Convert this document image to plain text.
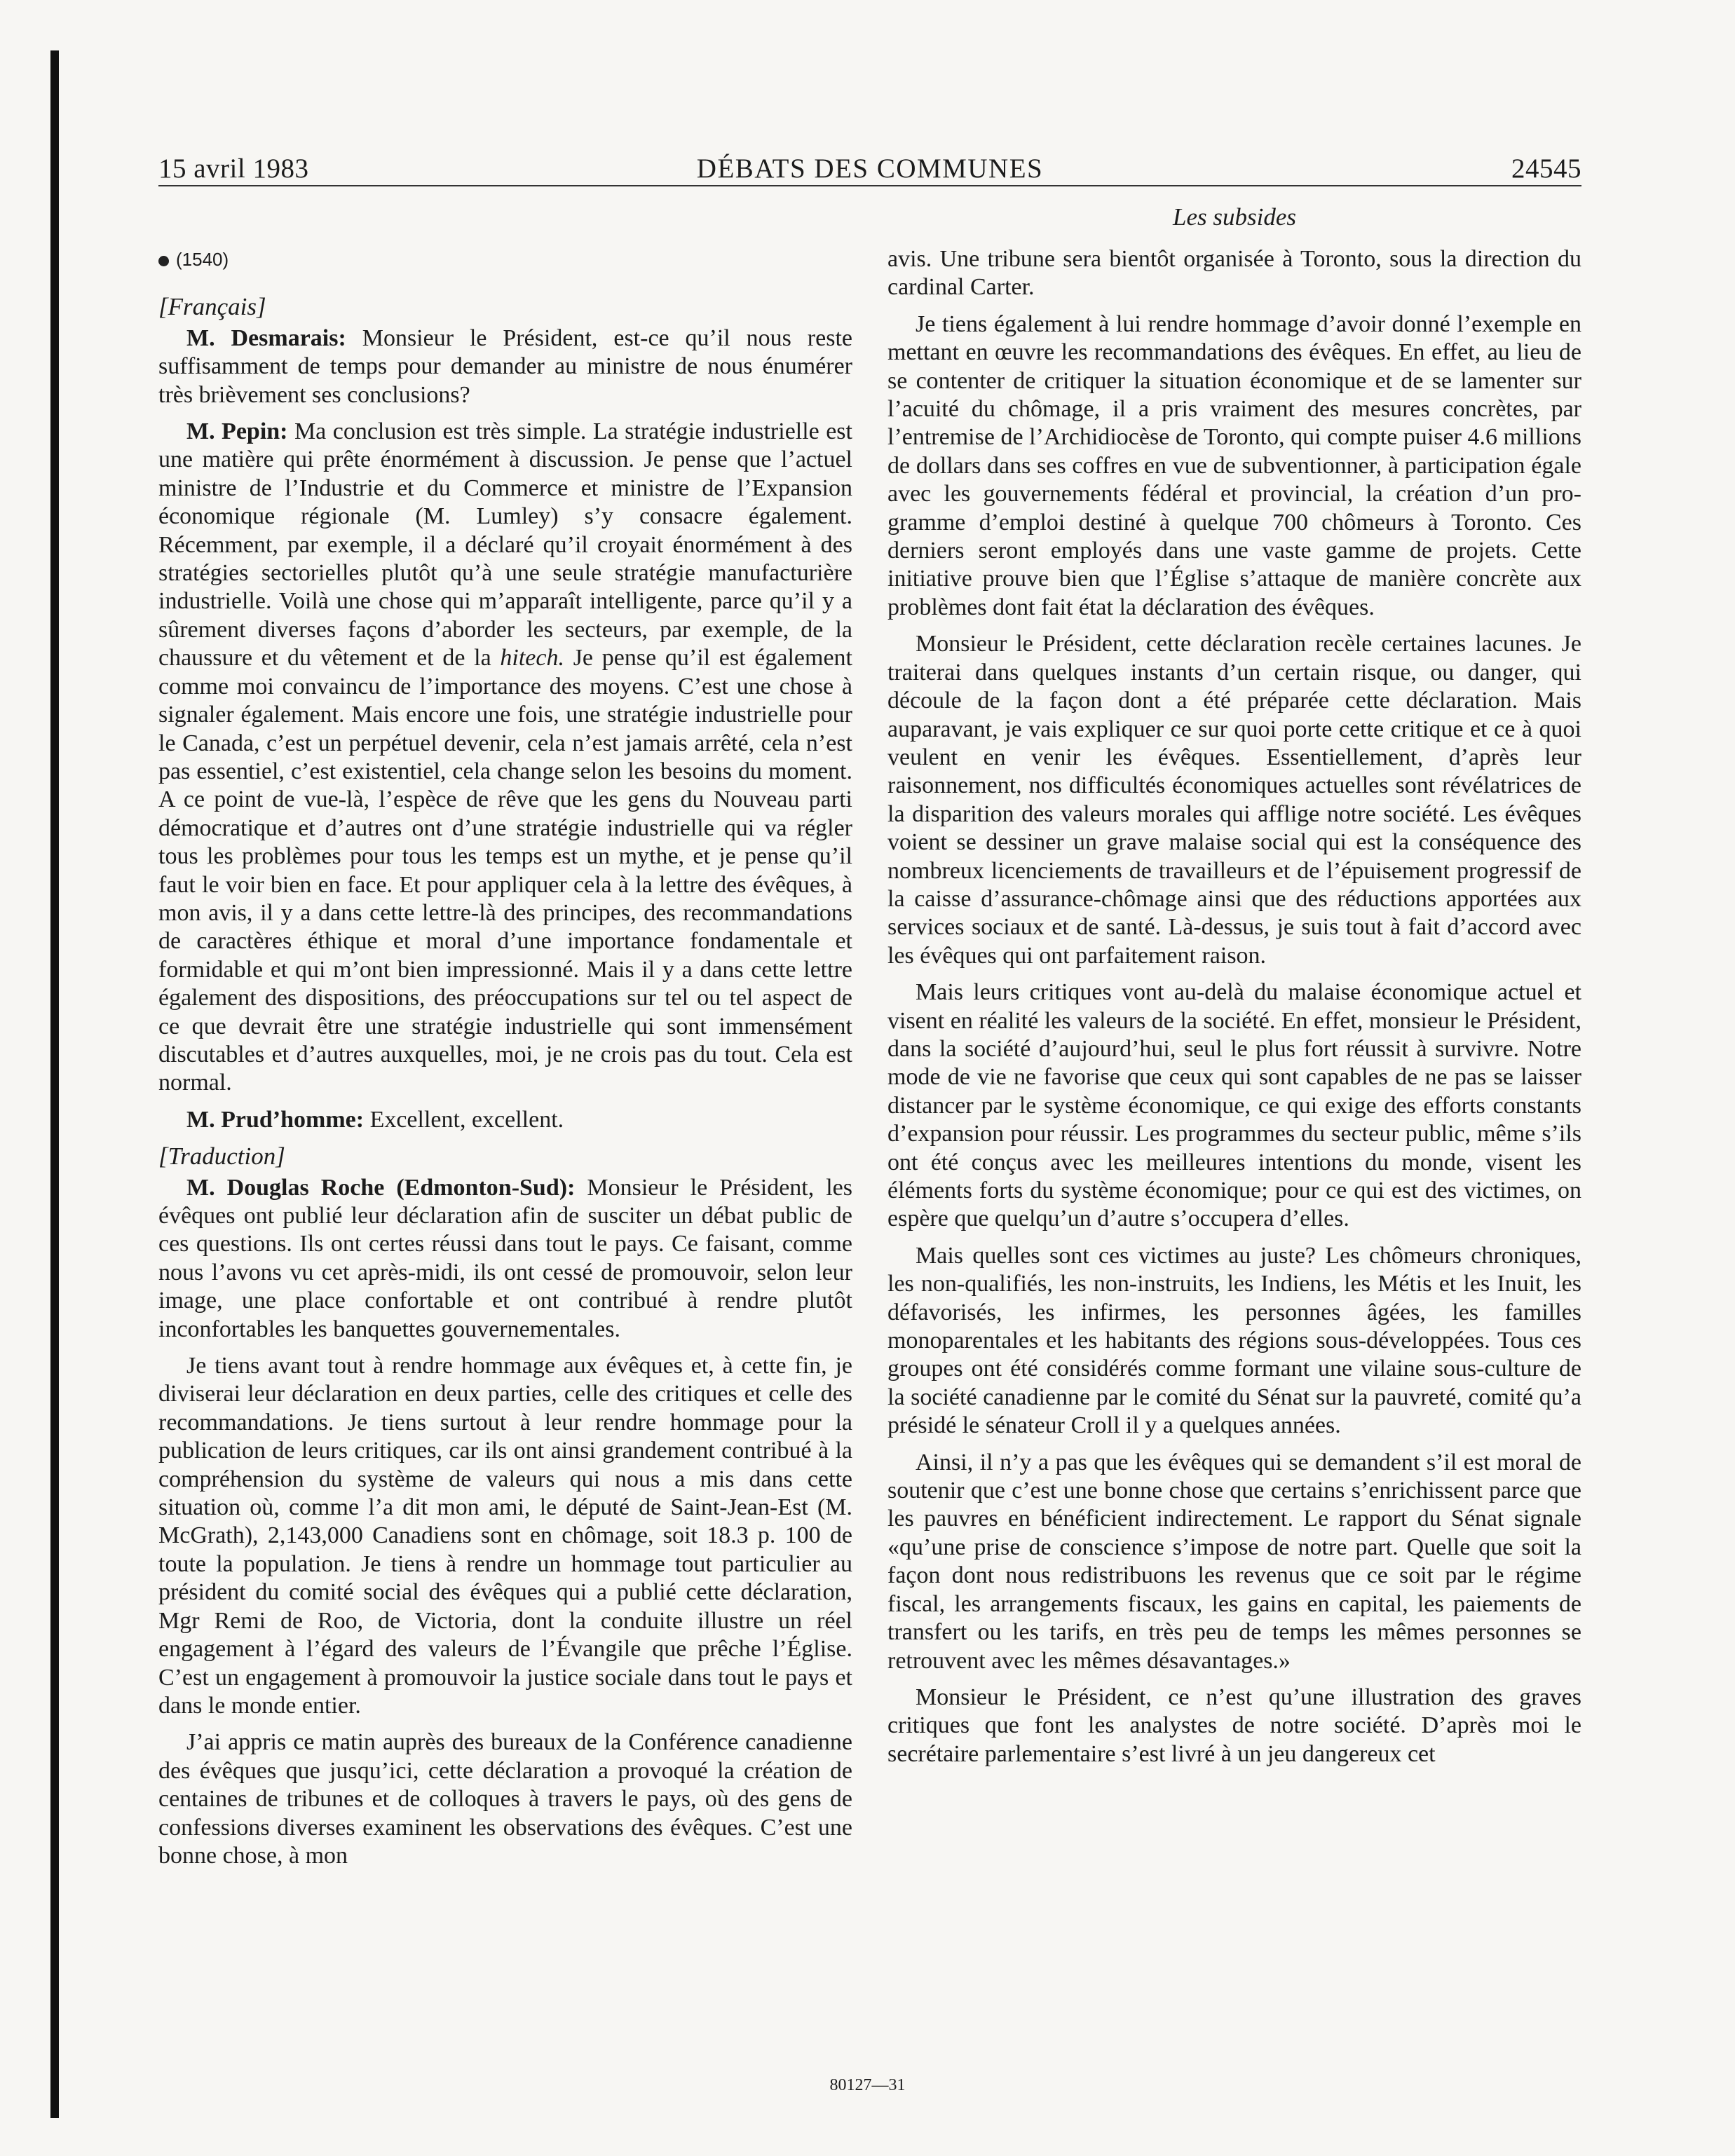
15 avril 1983	DÉBATS DES COMMUNES	24545
Les subsides
(1540)
[Français]

M. Desmarais: Monsieur le Président, est-ce qu’il nous reste suffisamment de temps pour demander au ministre de nous énumérer très brièvement ses conclusions?

M. Pepin: Ma conclusion est très simple. La stratégie industrielle est une matière qui prête énormément à discussion. Je pense que l’actuel ministre de l’Industrie et du Commerce et ministre de l’Expansion économique régionale (M. Lumley) s’y consacre également. Récemment, par exemple, il a déclaré qu’il croyait énormément à des stratégies sectorielles plutôt qu’à une seule stratégie manufacturière industrielle. Voilà une chose qui m’apparaît intelligente, parce qu’il y a sûrement diverses façons d’aborder les secteurs, par exemple, de la chaussure et du vêtement et de la hitech. Je pense qu’il est également comme moi convaincu de l’importance des moyens. C’est une chose à signaler également. Mais encore une fois, une stratégie industrielle pour le Canada, c’est un perpétuel devenir, cela n’est jamais arrêté, cela n’est pas essentiel, c’est existentiel, cela change selon les besoins du moment. A ce point de vue-là, l’espèce de rêve que les gens du Nouveau parti démocratique et d’autres ont d’une stratégie industrielle qui va régler tous les problèmes pour tous les temps est un mythe, et je pense qu’il faut le voir bien en face. Et pour appliquer cela à la lettre des évêques, à mon avis, il y a dans cette lettre-là des principes, des recommandations de caractères éthique et moral d’une importance fondamentale et formidable et qui m’ont bien impressionné. Mais il y a dans cette lettre également des dispositions, des préoccupations sur tel ou tel aspect de ce que devrait être une stratégie industrielle qui sont immensément discutables et d’autres auxquelles, moi, je ne crois pas du tout. Cela est normal.

M. Prud’homme: Excellent, excellent.

[Traduction]

M. Douglas Roche (Edmonton-Sud): Monsieur le Président, les évêques ont publié leur déclaration afin de susciter un débat public de ces questions. Ils ont certes réussi dans tout le pays. Ce faisant, comme nous l’avons vu cet après-midi, ils ont cessé de promouvoir, selon leur image, une place confortable et ont contribué à rendre plutôt inconfortables les banquettes gouvernementales.

Je tiens avant tout à rendre hommage aux évêques et, à cette fin, je diviserai leur déclaration en deux parties, celle des critiques et celle des recommandations. Je tiens surtout à leur rendre hommage pour la publication de leurs critiques, car ils ont ainsi grandement contribué à la compréhension du système de valeurs qui nous a mis dans cette situation où, comme l’a dit mon ami, le député de Saint-Jean-Est (M. McGrath), 2,143,000 Canadiens sont en chômage, soit 18.3 p. 100 de toute la population. Je tiens à rendre un hommage tout particulier au président du comité social des évêques qui a publié cette déclaration, Mgr Remi de Roo, de Victoria, dont la conduite illustre un réel engagement à l’égard des valeurs de l’Évangile que prêche l’Église. C’est un engagement à promouvoir la justice sociale dans tout le pays et dans le monde entier.

J’ai appris ce matin auprès des bureaux de la Conférence canadienne des évêques que jusqu’ici, cette déclaration a provoqué la création de centaines de tribunes et de colloques à travers le pays, où des gens de confessions diverses examinent les observations des évêques. C’est une bonne chose, à mon

avis. Une tribune sera bientôt organisée à Toronto, sous la direction du cardinal Carter.

Je tiens également à lui rendre hommage d’avoir donné l’exemple en mettant en œuvre les recommandations des évêques. En effet, au lieu de se contenter de critiquer la situation économique et de se lamenter sur l’acuité du chômage, il a pris vraiment des mesures concrètes, par l’entremise de l’Archidiocèse de Toronto, qui compte puiser 4.6 millions de dollars dans ses coffres en vue de subventionner, à participation égale avec les gouvernements fédéral et provincial, la création d’un programme d’emploi destiné à quelque 700 chômeurs à Toronto. Ces derniers seront employés dans une vaste gamme de projets. Cette initiative prouve bien que l’Église s’attaque de manière concrète aux problèmes dont fait état la déclaration des évêques.

Monsieur le Président, cette déclaration recèle certaines lacunes. Je traiterai dans quelques instants d’un certain risque, ou danger, qui découle de la façon dont a été préparée cette déclaration. Mais auparavant, je vais expliquer ce sur quoi porte cette critique et ce à quoi veulent en venir les évêques. Essentiellement, d’après leur raisonnement, nos difficultés économiques actuelles sont révélatrices de la disparition des valeurs morales qui afflige notre société. Les évêques voient se dessiner un grave malaise social qui est la conséquence des nombreux licenciements de travailleurs et de l’épuisement progressif de la caisse d’assurance-chômage ainsi que des réductions apportées aux services sociaux et de santé. Là-dessus, je suis tout à fait d’accord avec les évêques qui ont parfaitement raison.

Mais leurs critiques vont au-delà du malaise économique actuel et visent en réalité les valeurs de la société. En effet, monsieur le Président, dans la société d’aujourd’hui, seul le plus fort réussit à survivre. Notre mode de vie ne favorise que ceux qui sont capables de ne pas se laisser distancer par le système économique, ce qui exige des efforts constants d’expansion pour réussir. Les programmes du secteur public, même s’ils ont été conçus avec les meilleures intentions du monde, visent les éléments forts du système économique; pour ce qui est des victimes, on espère que quelqu’un d’autre s’occupera d’elles.

Mais quelles sont ces victimes au juste? Les chômeurs chroniques, les non-qualifiés, les non-instruits, les Indiens, les Métis et les Inuit, les défavorisés, les infirmes, les personnes âgées, les familles monoparentales et les habitants des régions sous-développées. Tous ces groupes ont été considérés comme formant une vilaine sous-culture de la société canadienne par le comité du Sénat sur la pauvreté, comité qu’a présidé le sénateur Croll il y a quelques années.

Ainsi, il n’y a pas que les évêques qui se demandent s’il est moral de soutenir que c’est une bonne chose que certains s’enrichissent parce que les pauvres en bénéficient indirectement. Le rapport du Sénat signale «qu’une prise de conscience s’impose de notre part. Quelle que soit la façon dont nous redistribuons les revenus que ce soit par le régime fiscal, les arrangements fiscaux, les gains en capital, les paiements de transfert ou les tarifs, en très peu de temps les mêmes personnes se retrouvent avec les mêmes désavantages.»

Monsieur le Président, ce n’est qu’une illustration des graves critiques que font les analystes de notre société. D’après moi le secrétaire parlementaire s’est livré à un jeu dangereux cet

80127—31
